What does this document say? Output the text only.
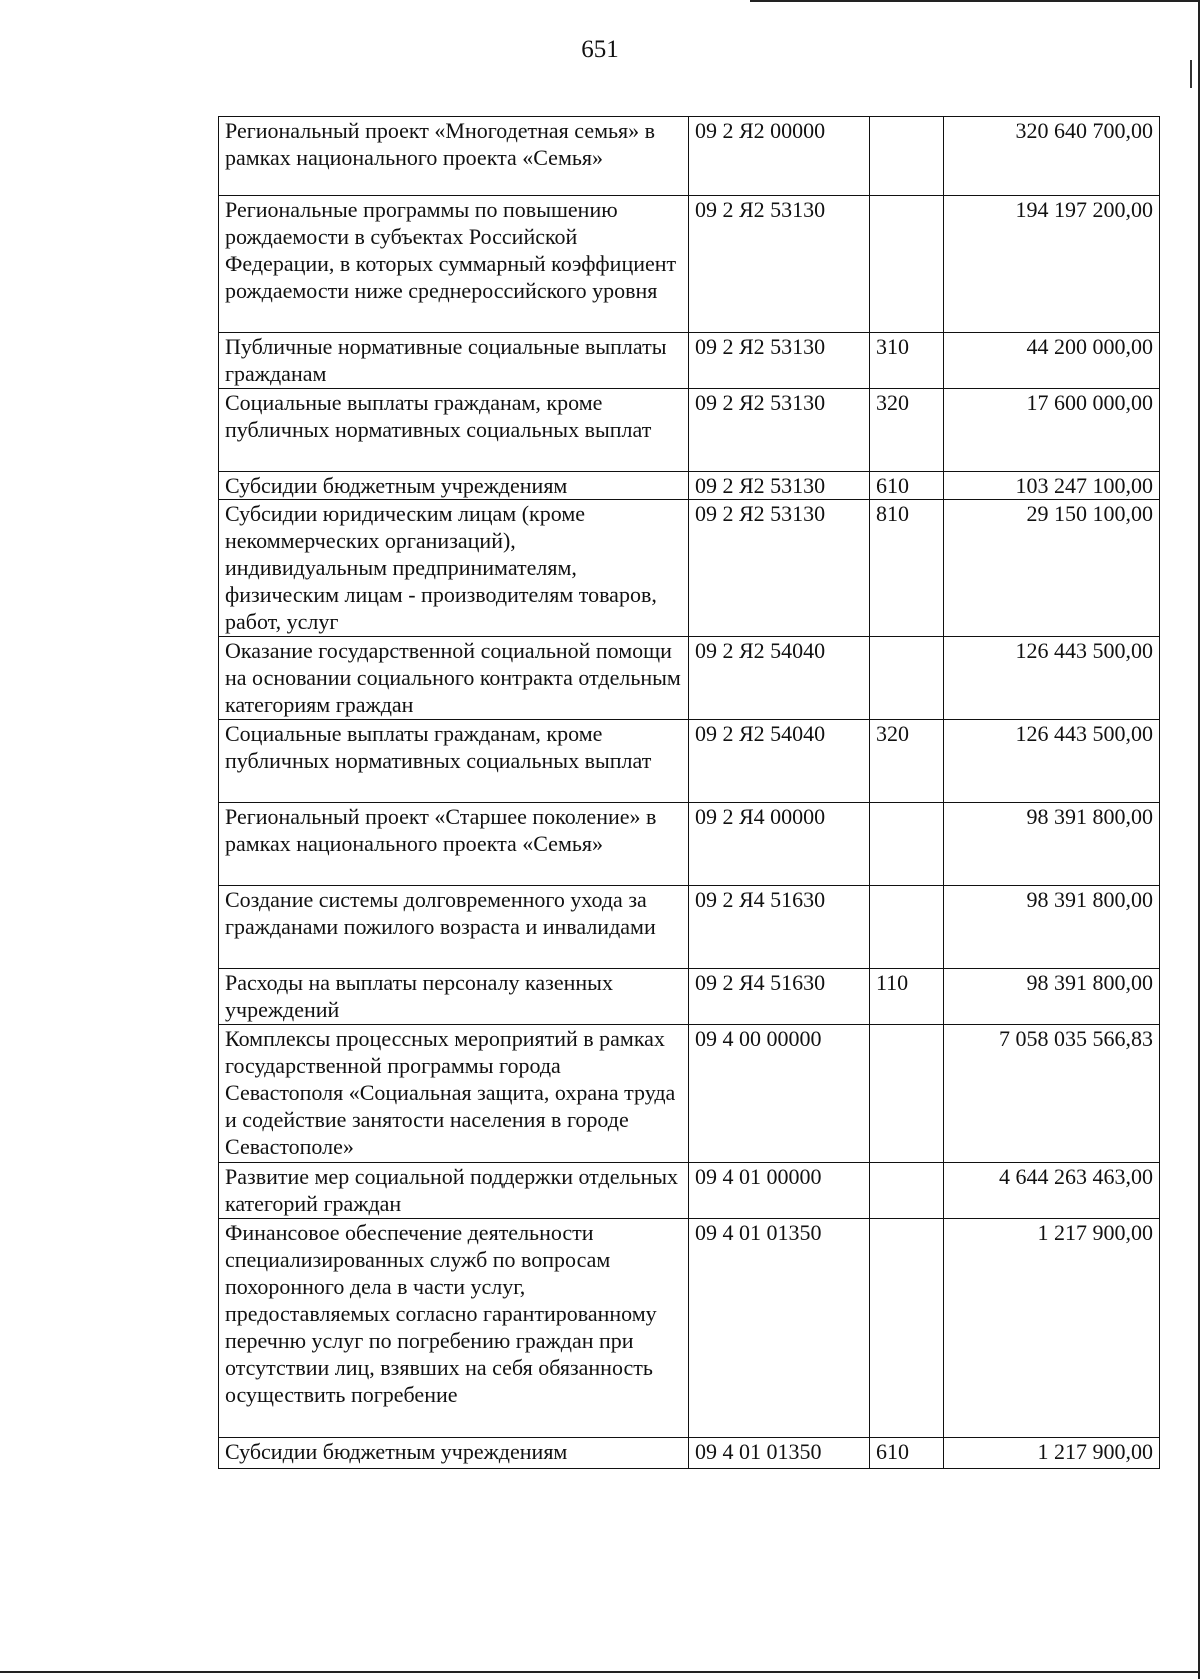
651
Региональный проект «Многодетная семья» в рамках национального проекта «Семья»	09 2 Я2 00000		320 640 700,00
Региональные программы по повышению рождаемости в субъектах Российской Федерации, в которых суммарный коэффициент рождаемости ниже среднероссийского уровня	09 2 Я2 53130		194 197 200,00
Публичные нормативные социальные выплаты гражданам	09 2 Я2 53130	310	44 200 000,00
Социальные выплаты гражданам, кроме публичных нормативных социальных выплат	09 2 Я2 53130	320	17 600 000,00
Субсидии бюджетным учреждениям	09 2 Я2 53130	610	103 247 100,00
Субсидии юридическим лицам (кроме некоммерческих организаций), индивидуальным предпринимателям, физическим лицам - производителям товаров, работ, услуг	09 2 Я2 53130	810	29 150 100,00
Оказание государственной социальной помощи на основании социального контракта отдельным категориям граждан	09 2 Я2 54040		126 443 500,00
Социальные выплаты гражданам, кроме публичных нормативных социальных выплат	09 2 Я2 54040	320	126 443 500,00
Региональный проект «Старшее поколение» в рамках национального проекта «Семья»	09 2 Я4 00000		98 391 800,00
Создание системы долговременного ухода за гражданами пожилого возраста и инвалидами	09 2 Я4 51630		98 391 800,00
Расходы на выплаты персоналу казенных учреждений	09 2 Я4 51630	110	98 391 800,00
Комплексы процессных мероприятий в рамках государственной программы города Севастополя «Социальная защита, охрана труда и содействие занятости населения в городе Севастополе»	09 4 00 00000		7 058 035 566,83
Развитие мер социальной поддержки отдельных категорий граждан	09 4 01 00000		4 644 263 463,00
Финансовое обеспечение деятельности специализированных служб по вопросам похоронного дела в части услуг, предоставляемых согласно гарантированному перечню услуг по погребению граждан при отсутствии лиц, взявших на себя обязанность осуществить погребение	09 4 01 01350		1 217 900,00
Субсидии бюджетным учреждениям	09 4 01 01350	610	1 217 900,00
